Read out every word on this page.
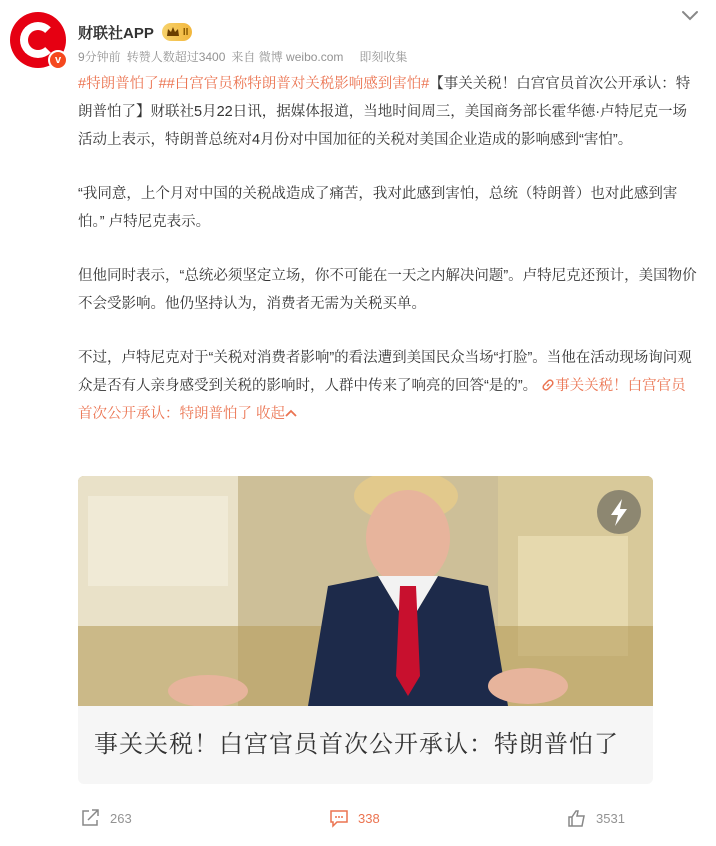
v
财联社APP	II
9分钟前 转赞人数超过3400 来自 微博 weibo.com 即刻收集

#特朗普怕了##白宫官员称特朗普对关税影响感到害怕#【事关关税！白宫官员首次公开承认：特朗普怕了】财联社5月22日讯，据媒体报道，当地时间周三，美国商务部长霍华德·卢特尼克一场活动上表示，特朗普总统对4月份对中国加征的关税对美国企业造成的影响感到“害怕”。

“我同意，上个月对中国的关税战造成了痛苦，我对此感到害怕，总统（特朗普）也对此感到害怕。” 卢特尼克表示。

但他同时表示，“总统必须坚定立场，你不可能在一天之内解决问题”。卢特尼克还预计，美国物价不会受影响。他仍坚持认为，消费者无需为关税买单。

不过，卢特尼克对于“关税对消费者影响”的看法遭到美国民众当场“打脸”。当他在活动现场询问观众是否有人亲身感受到关税的影响时，人群中传来了响亮的回答“是的”。 事关关税！白宫官员首次公开承认：特朗普怕了 收起

事关关税！白宫官员首次公开承认：特朗普怕了
263	338	3531
